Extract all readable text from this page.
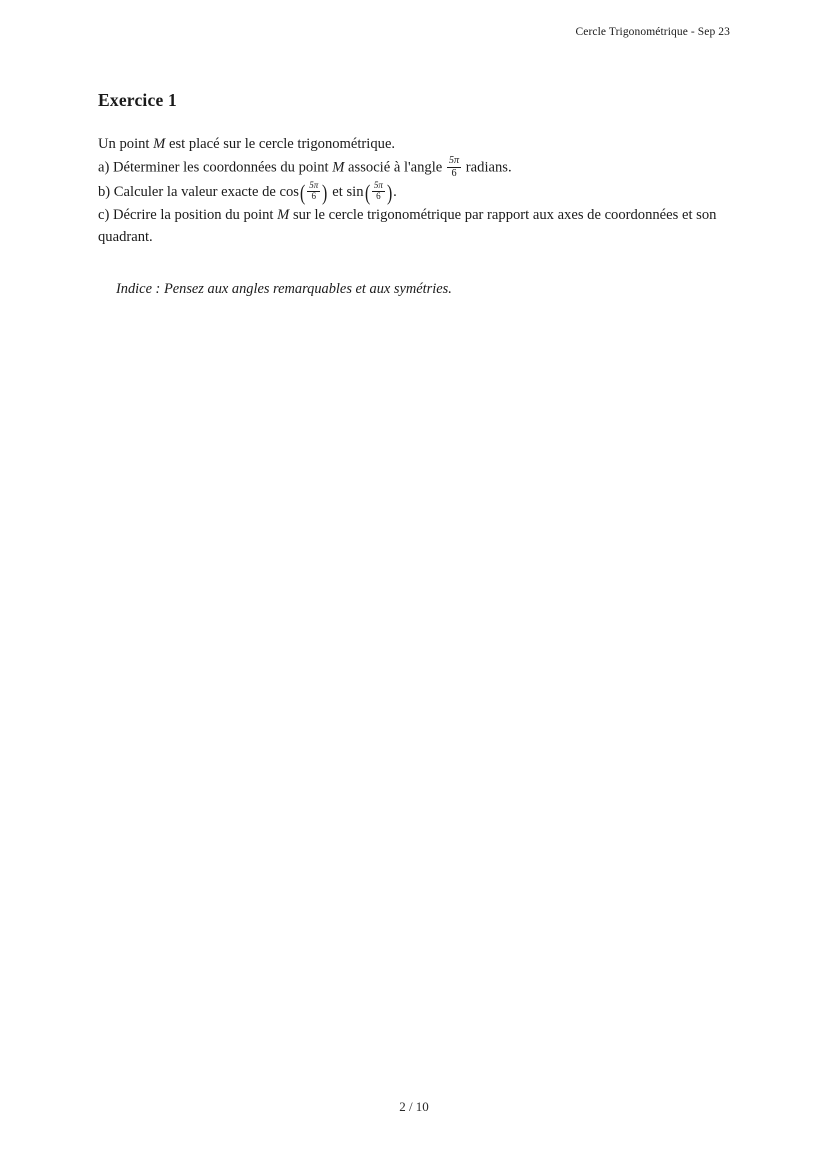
Cercle Trigonométrique - Sep 23
Exercice 1

Un point M est placé sur le cercle trigonométrique.

a) Déterminer les coordonnées du point M associé à l'angle $\frac{5\pi}{6}$ radians.

b) Calculer la valeur exacte de $\cos( \frac{5\pi}{6}$ ) et $\sin( \frac{5\pi}{6}$ ).

c) Décrire la position du point M sur le cercle trigonométrique par rapport aux axes de coordonnées et son quadrant.

Indice : Pensez aux angles remarquables et aux symétries.

2 / 10
